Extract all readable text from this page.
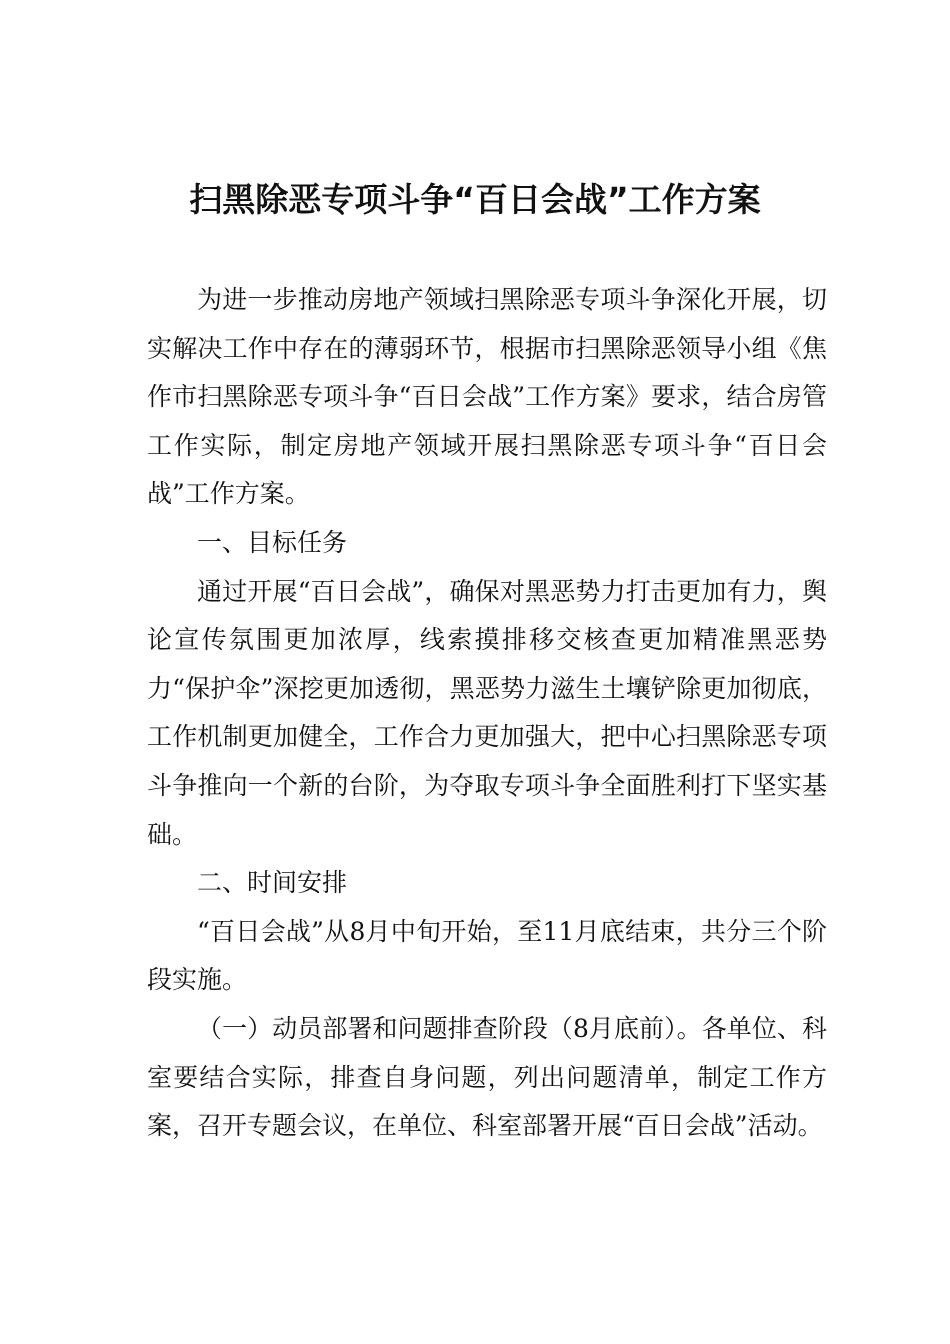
扫黑除恶专项斗争“百日会战”工作方案

为进一步推动房地产领域扫黑除恶专项斗争深化开展，切实解决工作中存在的薄弱环节，根据市扫黑除恶领导小组《焦作市扫黑除恶专项斗争“百日会战”工作方案》要求，结合房管工作实际，制定房地产领域开展扫黑除恶专项斗争“百日会战”工作方案。

一、目标任务

通过开展“百日会战”，确保对黑恶势力打击更加有力，舆论宣传氛围更加浓厚，线索摸排移交核查更加精准黑恶势力“保护伞”深挖更加透彻，黑恶势力滋生土壤铲除更加彻底，工作机制更加健全，工作合力更加强大，把中心扫黑除恶专项斗争推向一个新的台阶，为夺取专项斗争全面胜利打下坚实基础。

二、时间安排

“百日会战”从8月中旬开始，至11月底结束，共分三个阶段实施。

（一）动员部署和问题排查阶段（8月底前）。各单位、科室要结合实际，排查自身问题，列出问题清单，制定工作方案，召开专题会议，在单位、科室部署开展“百日会战”活动。
